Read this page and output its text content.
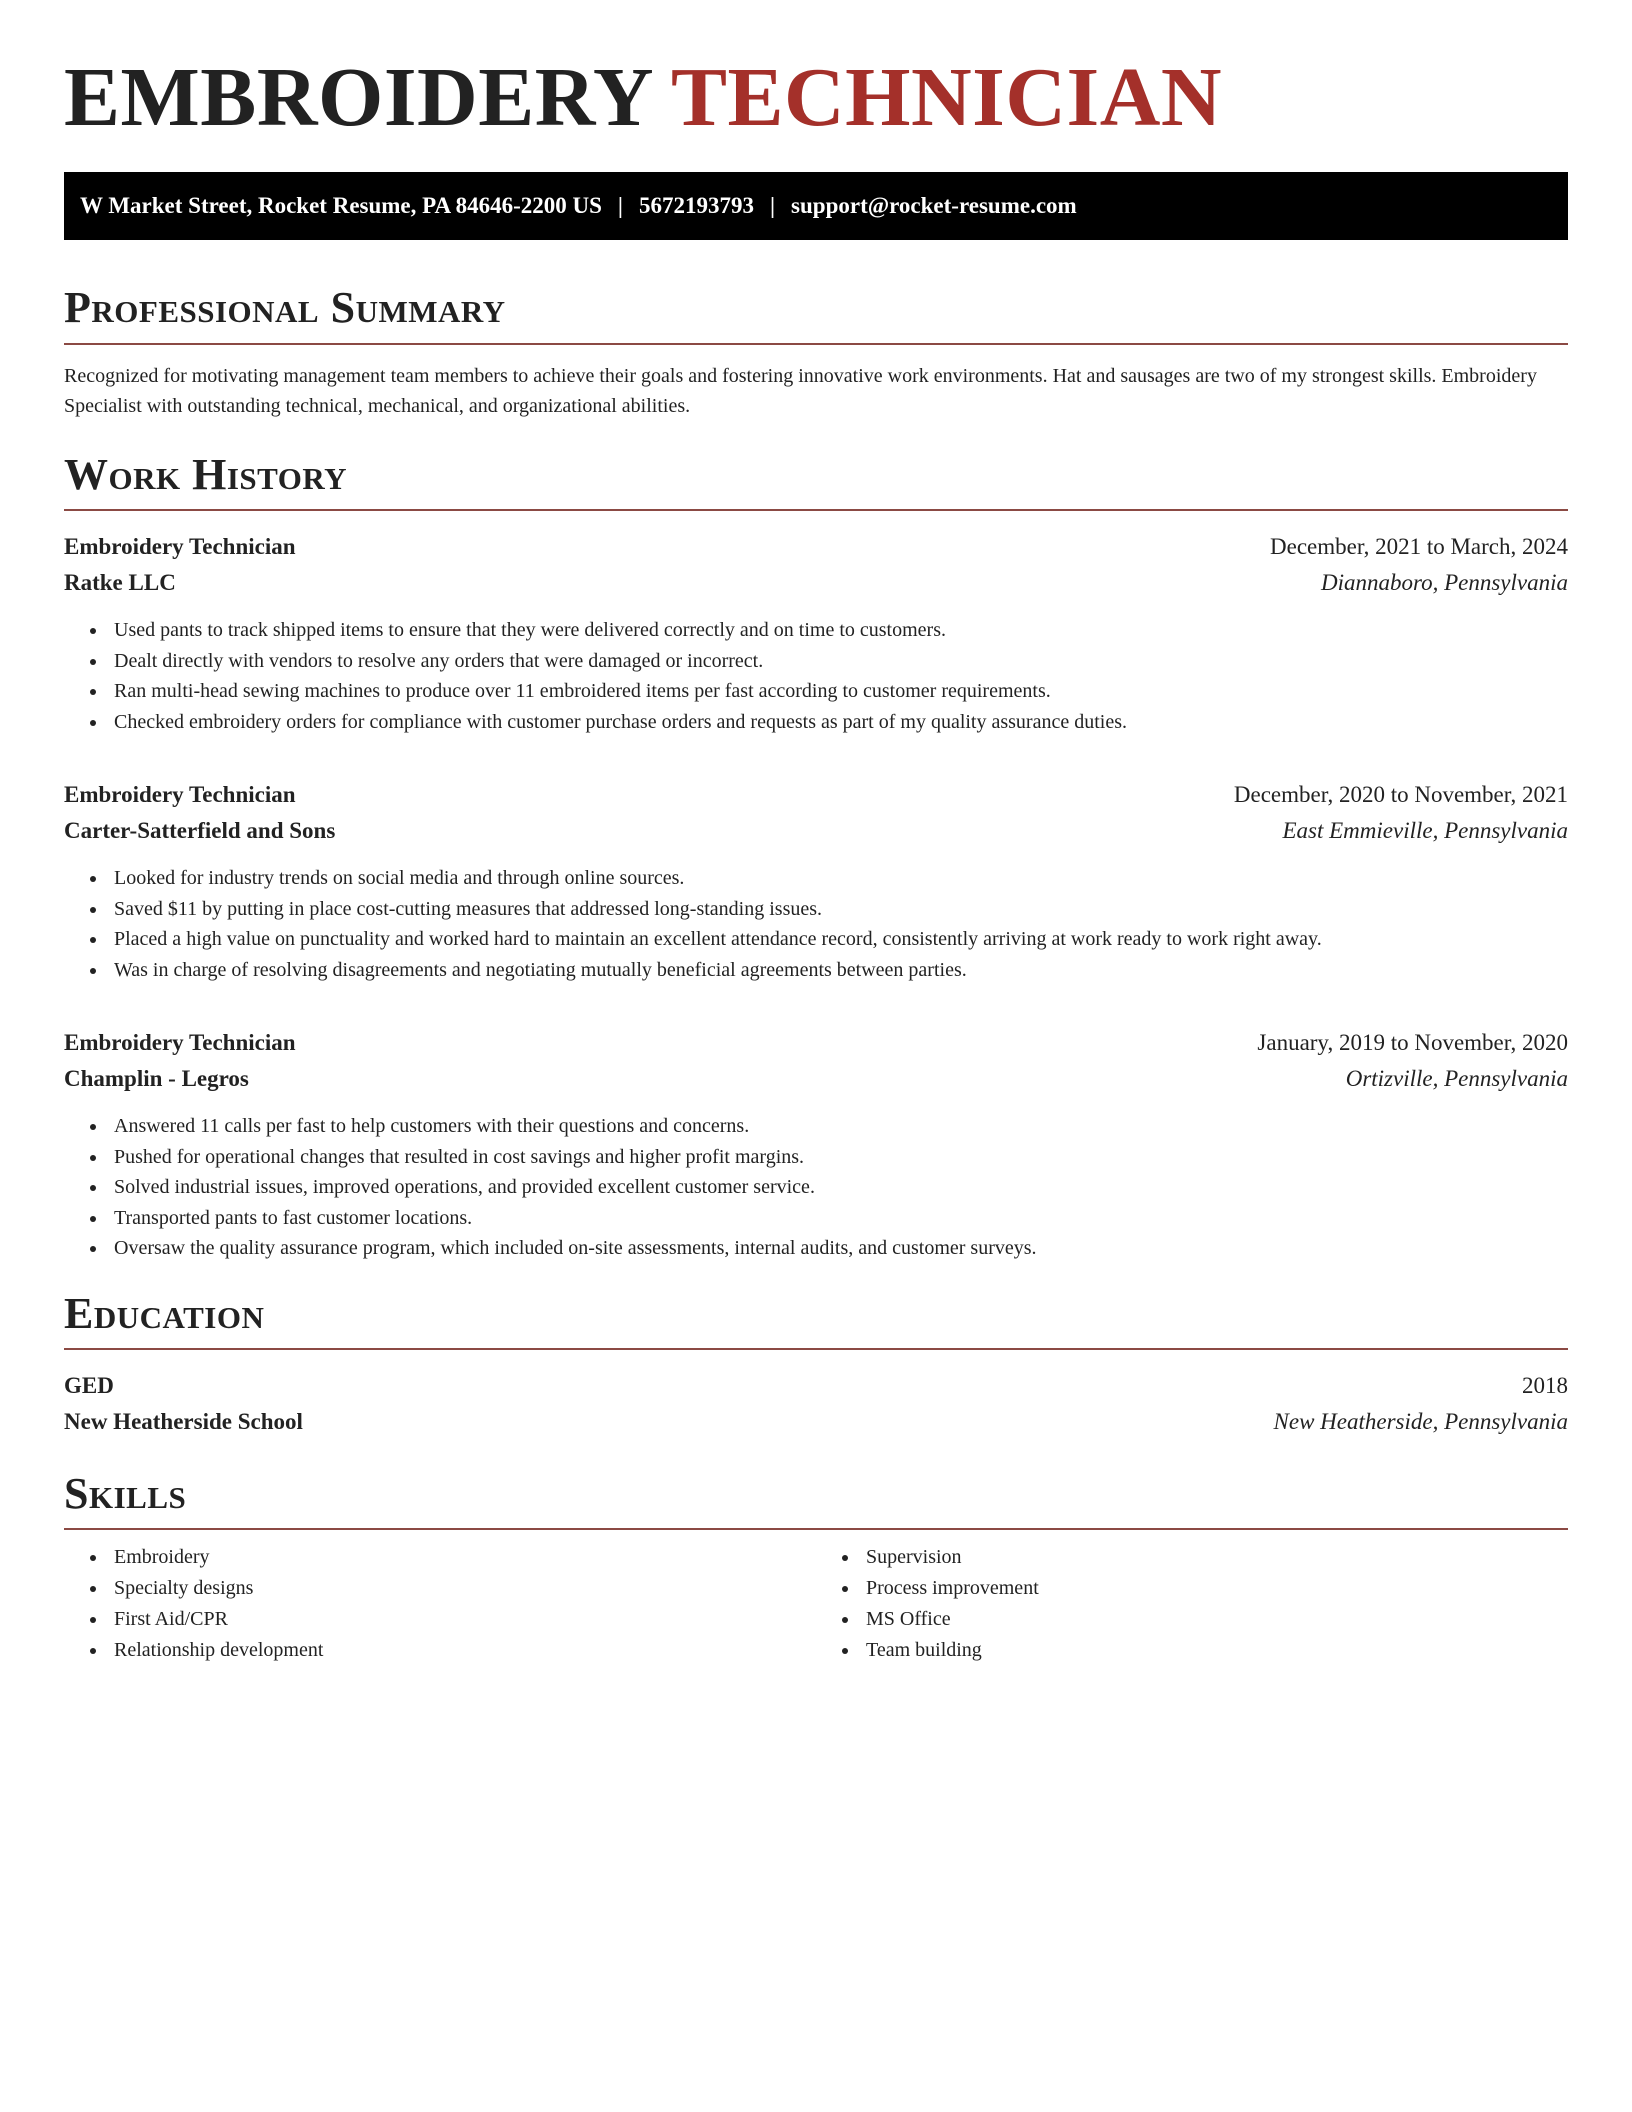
EMBROIDERY TECHNICIAN
W Market Street, Rocket Resume, PA 84646-2200 US | 5672193793 | support@rocket-resume.com
Professional Summary
Recognized for motivating management team members to achieve their goals and fostering innovative work environments. Hat and sausages are two of my strongest skills. Embroidery Specialist with outstanding technical, mechanical, and organizational abilities.
Work History
Embroidery Technician	December, 2021 to March, 2024
Ratke LLC	Diannaboro, Pennsylvania
• Used pants to track shipped items to ensure that they were delivered correctly and on time to customers.
• Dealt directly with vendors to resolve any orders that were damaged or incorrect.
• Ran multi-head sewing machines to produce over 11 embroidered items per fast according to customer requirements.
• Checked embroidery orders for compliance with customer purchase orders and requests as part of my quality assurance duties.
Embroidery Technician	December, 2020 to November, 2021
Carter-Satterfield and Sons	East Emmieville, Pennsylvania
• Looked for industry trends on social media and through online sources.
• Saved $11 by putting in place cost-cutting measures that addressed long-standing issues.
• Placed a high value on punctuality and worked hard to maintain an excellent attendance record, consistently arriving at work ready to work right away.
• Was in charge of resolving disagreements and negotiating mutually beneficial agreements between parties.
Embroidery Technician	January, 2019 to November, 2020
Champlin - Legros	Ortizville, Pennsylvania
• Answered 11 calls per fast to help customers with their questions and concerns.
• Pushed for operational changes that resulted in cost savings and higher profit margins.
• Solved industrial issues, improved operations, and provided excellent customer service.
• Transported pants to fast customer locations.
• Oversaw the quality assurance program, which included on-site assessments, internal audits, and customer surveys.
Education
GED	2018
New Heatherside School	New Heatherside, Pennsylvania
Skills
• Embroidery
• Specialty designs
• First Aid/CPR
• Relationship development
• Supervision
• Process improvement
• MS Office
• Team building
